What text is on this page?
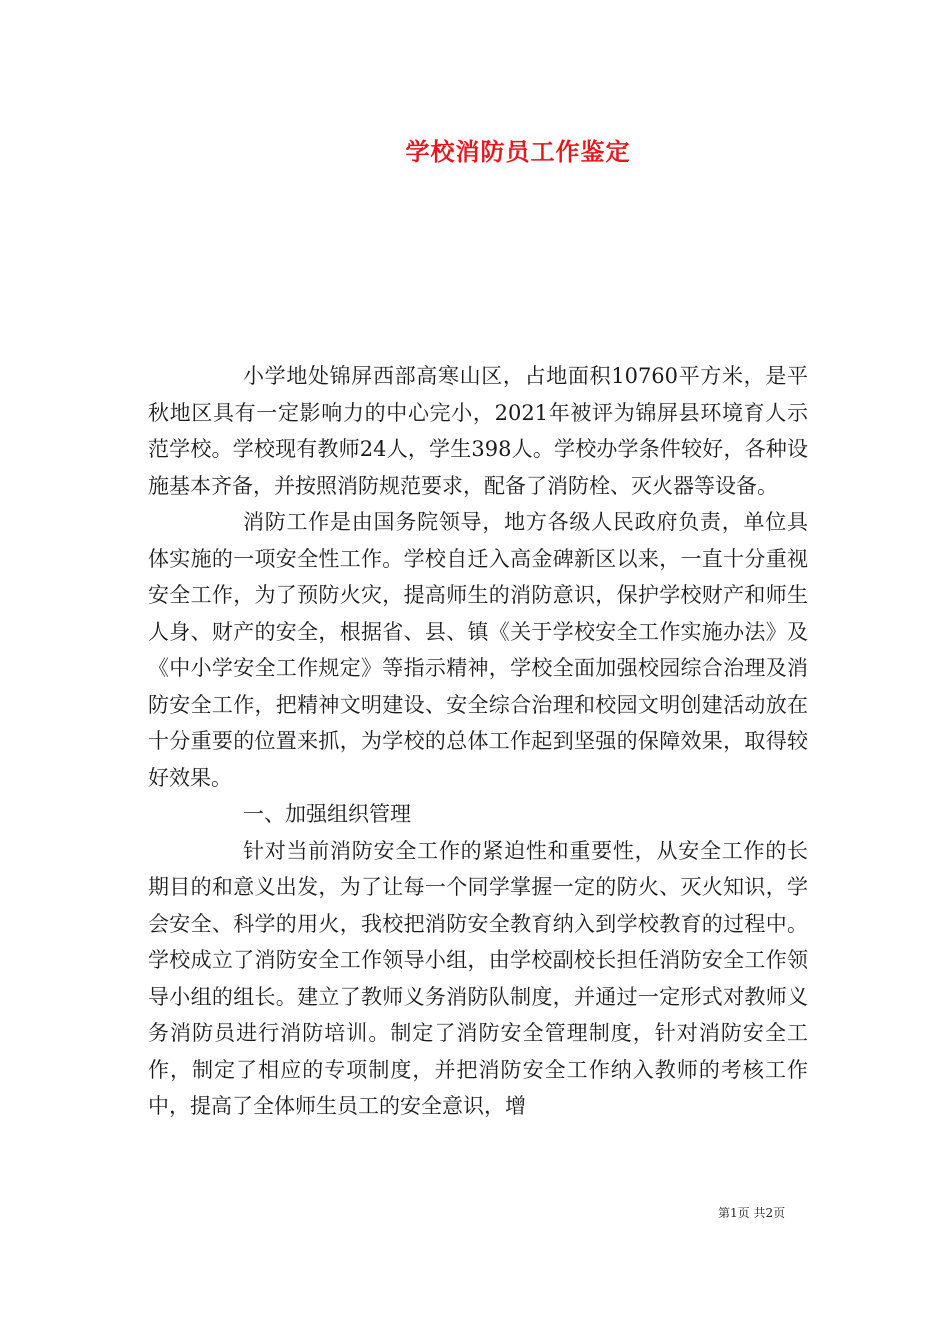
学校消防员工作鉴定

小学地处锦屏西部高寒山区，占地面积10760平方米，是平秋地区具有一定影响力的中心完小，2021年被评为锦屏县环境育人示范学校。学校现有教师24人，学生398人。学校办学条件较好，各种设施基本齐备，并按照消防规范要求，配备了消防栓、灭火器等设备。

消防工作是由国务院领导，地方各级人民政府负责，单位具体实施的一项安全性工作。学校自迁入高金碑新区以来，一直十分重视安全工作，为了预防火灾，提高师生的消防意识，保护学校财产和师生人身、财产的安全，根据省、县、镇《关于学校安全工作实施办法》及《中小学安全工作规定》等指示精神，学校全面加强校园综合治理及消防安全工作，把精神文明建设、安全综合治理和校园文明创建活动放在十分重要的位置来抓，为学校的总体工作起到坚强的保障效果，取得较好效果。

一、加强组织管理

针对当前消防安全工作的紧迫性和重要性，从安全工作的长期目的和意义出发，为了让每一个同学掌握一定的防火、灭火知识，学会安全、科学的用火，我校把消防安全教育纳入到学校教育的过程中。学校成立了消防安全工作领导小组，由学校副校长担任消防安全工作领导小组的组长。建立了教师义务消防队制度，并通过一定形式对教师义务消防员进行消防培训。制定了消防安全管理制度，针对消防安全工作，制定了相应的专项制度，并把消防安全工作纳入教师的考核工作中，提高了全体师生员工的安全意识，增

第1页 共2页
